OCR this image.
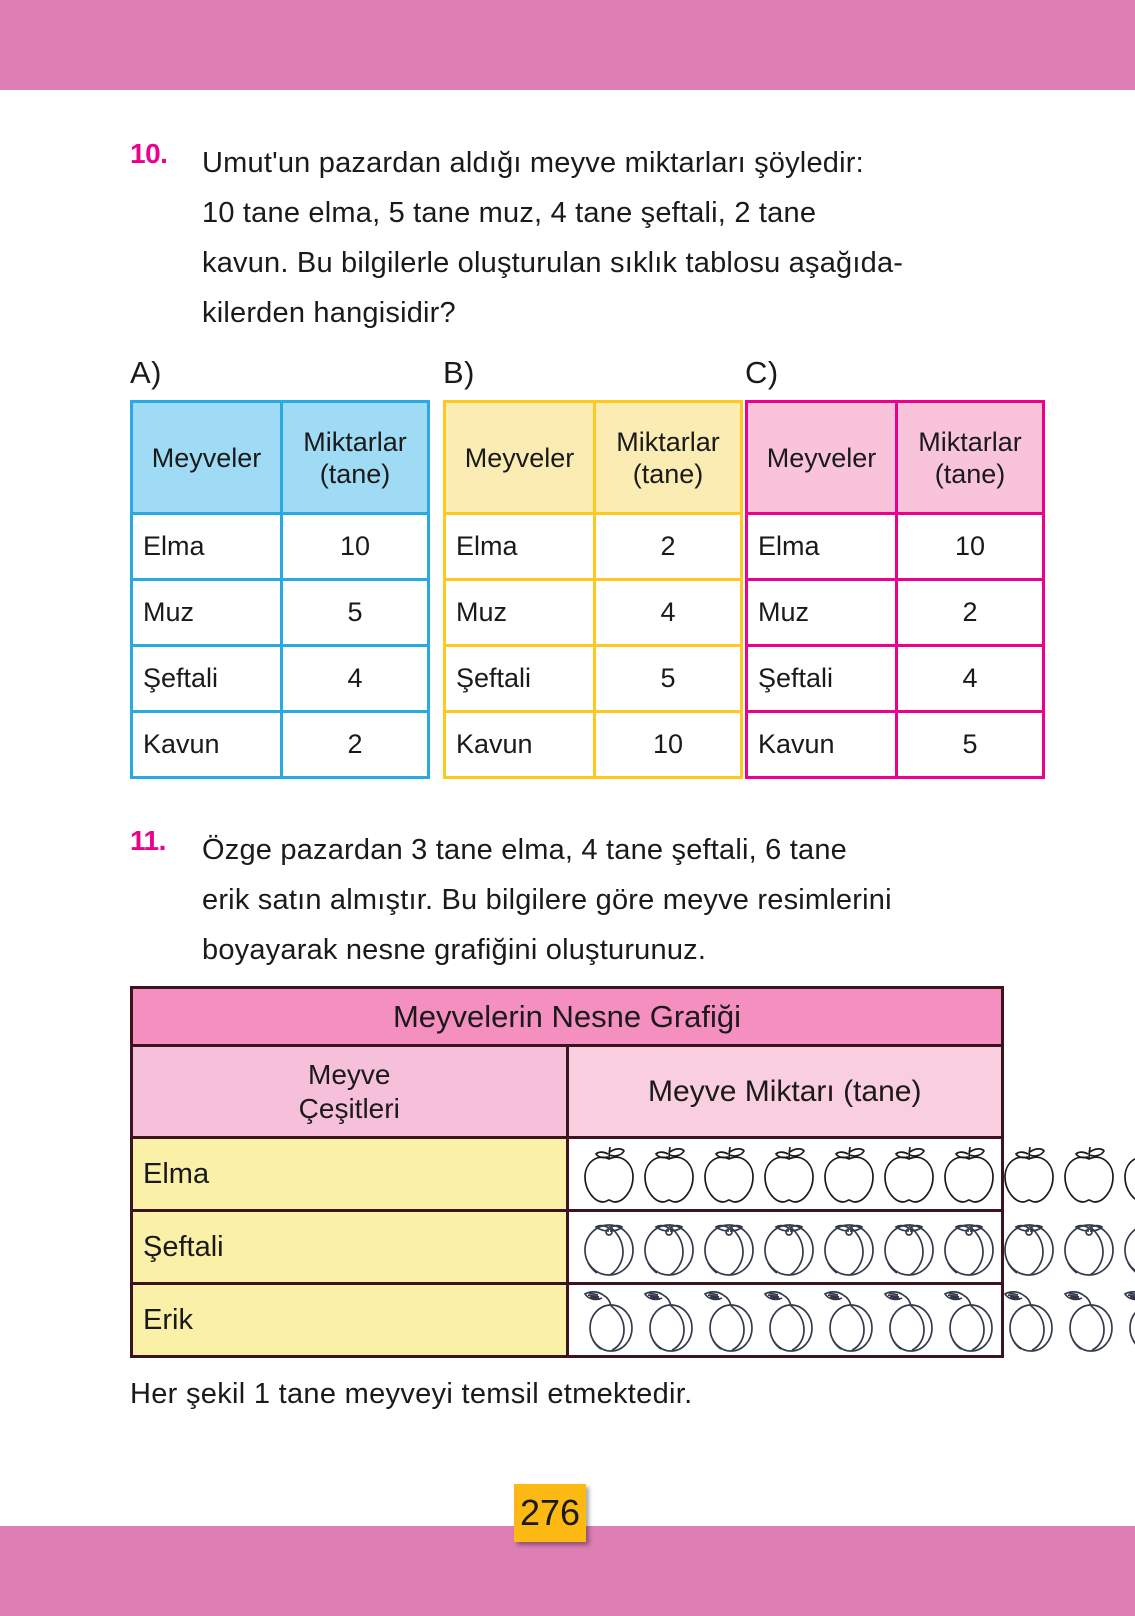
10.	Umut'un pazardan aldığı meyve miktarları şöyledir:
10 tane elma, 5 tane muz, 4 tane şeftali, 2 tane
kavun. Bu bilgilerle oluşturulan sıklık tablosu aşağıda-
kilerden hangisidir?
A)
Meyveler	Miktarlar
(tane)
Elma	10
Muz	5
Şeftali	4
Kavun	2
B)
Meyveler	Miktarlar
(tane)
Elma	2
Muz	4
Şeftali	5
Kavun	10
C)
Meyveler	Miktarlar
(tane)
Elma	10
Muz	2
Şeftali	4
Kavun	5
11.	Özge pazardan 3 tane elma, 4 tane şeftali, 6 tane
erik satın almıştır. Bu bilgilere göre meyve resimlerini
boyayarak nesne grafiğini oluşturunuz.
Meyvelerin Nesne Grafiği	
Meyve
Çeşitleri	Meyve Miktarı (tane)
Elma	

Şeftali	

Erik	
Her şekil 1 tane meyveyi temsil etmektedir.
276
